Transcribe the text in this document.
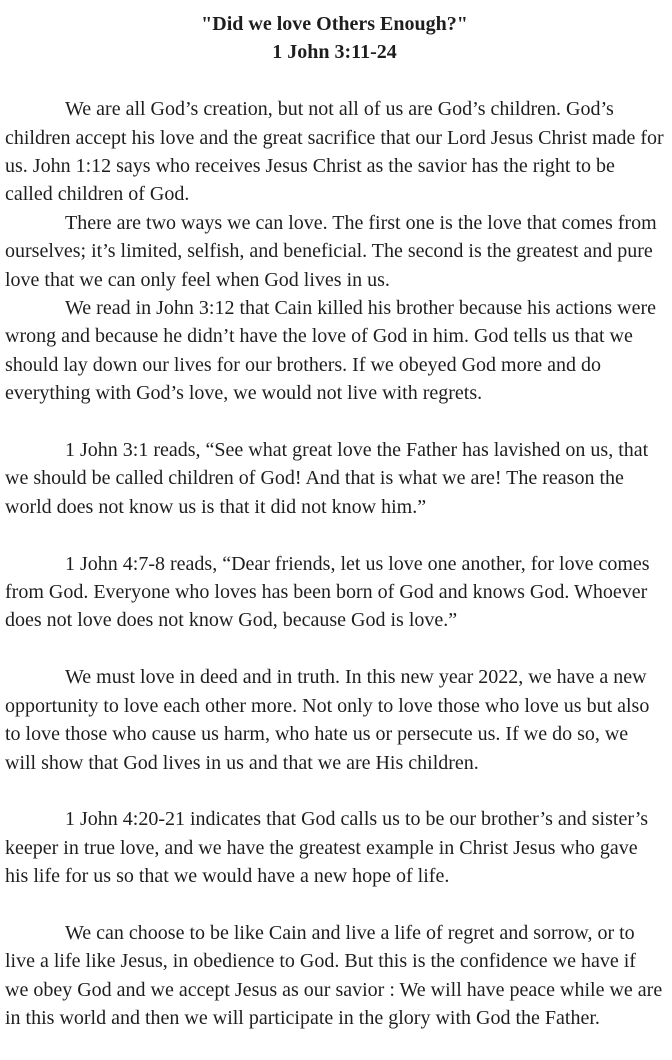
"Did we love Others Enough?"
1 John 3:11-24

We are all God’s creation, but not all of us are God’s children. God’s children accept his love and the great sacrifice that our Lord Jesus Christ made for us. John 1:12 says who receives Jesus Christ as the savior has the right to be called children of God.

There are two ways we can love. The first one is the love that comes from ourselves; it’s limited, selfish, and beneficial. The second is the greatest and pure love that we can only feel when God lives in us.

We read in John 3:12 that Cain killed his brother because his actions were wrong and because he didn’t have the love of God in him. God tells us that we should lay down our lives for our brothers. If we obeyed God more and do everything with God’s love, we would not live with regrets.

1 John 3:1 reads, “See what great love the Father has lavished on us, that we should be called children of God! And that is what we are! The reason the world does not know us is that it did not know him.”

1 John 4:7-8 reads, “Dear friends, let us love one another, for love comes from God. Everyone who loves has been born of God and knows God. Whoever does not love does not know God, because God is love.”

We must love in deed and in truth. In this new year 2022, we have a new opportunity to love each other more. Not only to love those who love us but also to love those who cause us harm, who hate us or persecute us. If we do so, we will show that God lives in us and that we are His children.

1 John 4:20-21 indicates that God calls us to be our brother’s and sister’s keeper in true love, and we have the greatest example in Christ Jesus who gave his life for us so that we would have a new hope of life.

We can choose to be like Cain and live a life of regret and sorrow, or to live a life like Jesus, in obedience to God. But this is the confidence we have if we obey God and we accept Jesus as our savior : We will have peace while we are in this world and then we will participate in the glory with God the Father.
